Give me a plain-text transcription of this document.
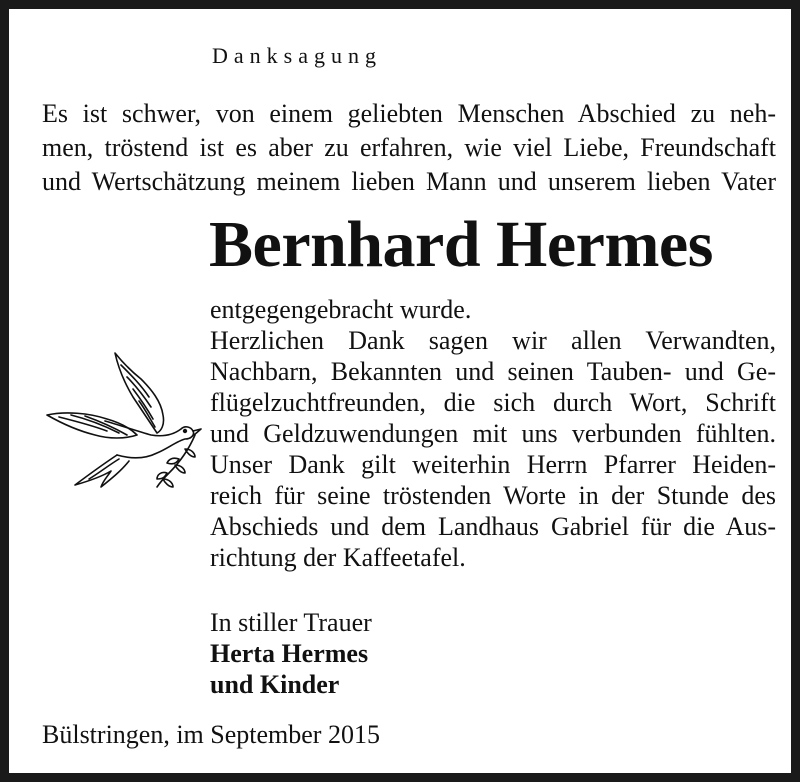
Danksagung
Es ist schwer, von einem geliebten Menschen Abschied zu neh-
men, tröstend ist es aber zu erfahren, wie viel Liebe, Freundschaft
und Wertschätzung meinem lieben Mann und unserem lieben Vater
Bernhard Hermes
entgegengebracht wurde.
Herzlichen Dank sagen wir allen Verwandten,
Nachbarn, Bekannten und seinen Tauben- und Ge-
flügelzuchtfreunden, die sich durch Wort, Schrift
und Geldzuwendungen mit uns verbunden fühlten.
Unser Dank gilt weiterhin Herrn Pfarrer Heiden-
reich für seine tröstenden Worte in der Stunde des
Abschieds und dem Landhaus Gabriel für die Aus-
richtung der Kaffeetafel.
In stiller Trauer
Herta Hermes
und Kinder
Bülstringen, im September 2015
